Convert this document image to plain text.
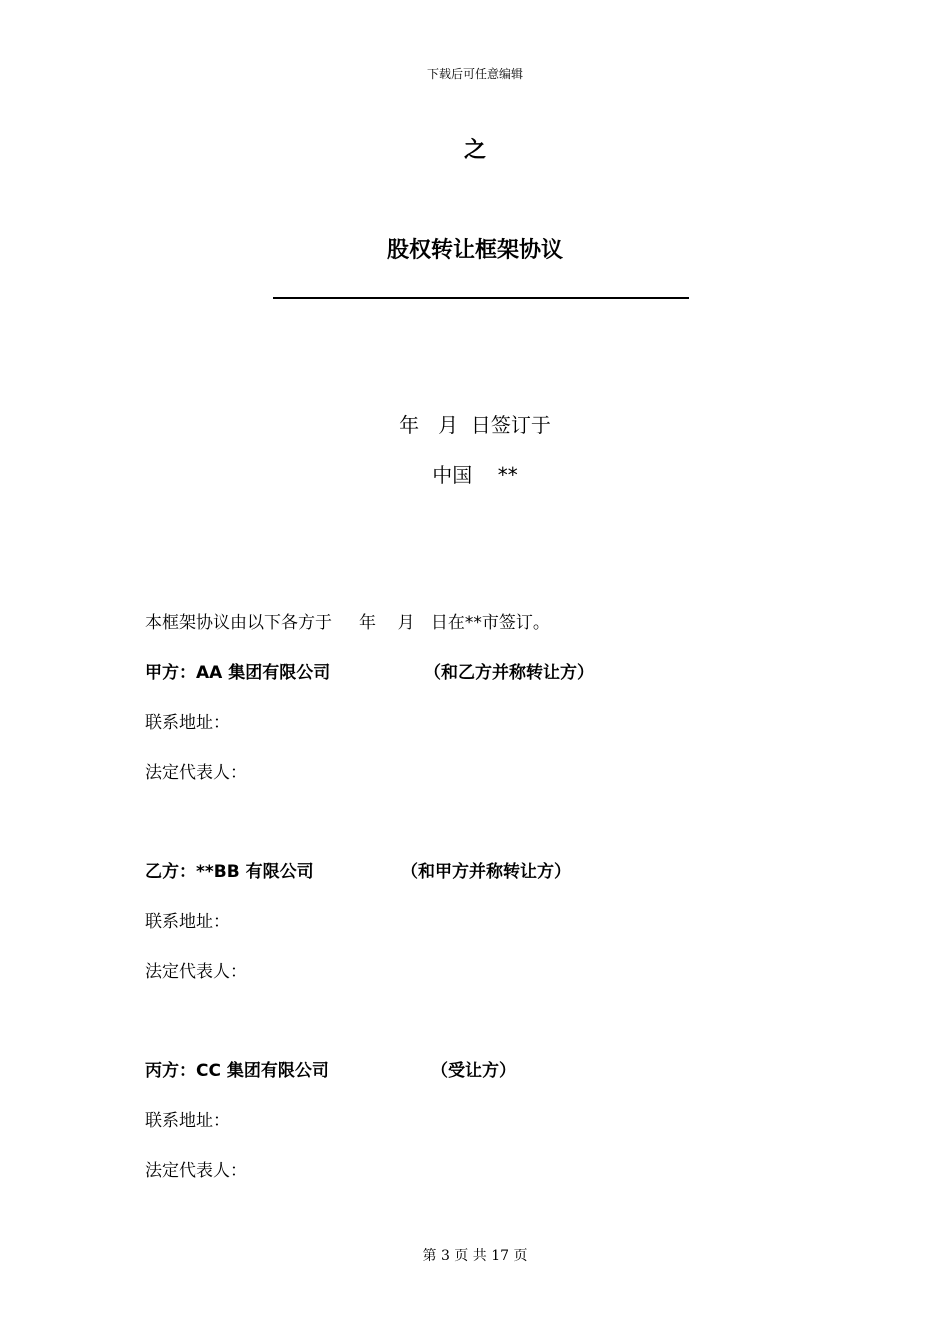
下载后可任意编辑
之
股权转让框架协议
年   月  日签订于
中国    **
本框架协议由以下各方于     年    月   日在**市签订。
甲方：AA 集团有限公司	（和乙方并称转让方）
联系地址：
法定代表人：
乙方：**BB 有限公司	（和甲方并称转让方）
联系地址：
法定代表人：
丙方：CC 集团有限公司	（受让方）
联系地址：
法定代表人：
第 3 页 共 17 页
